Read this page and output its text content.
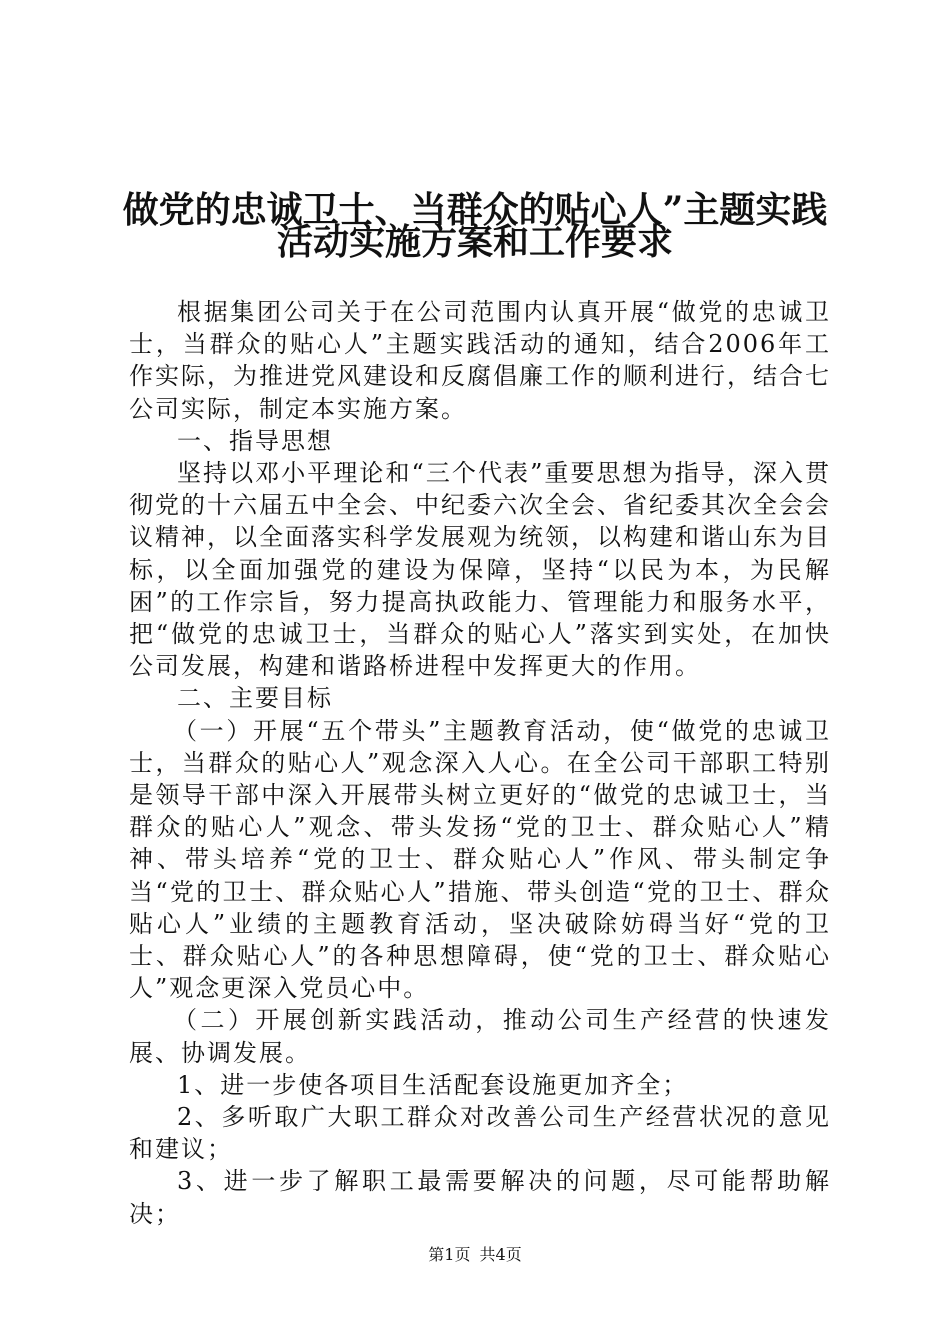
做党的忠诚卫士、当群众的贴心人”主题实践
活动实施方案和工作要求

根据集团公司关于在公司范围内认真开展“做党的忠诚卫士，当群众的贴心人”主题实践活动的通知，结合2006年工作实际，为推进党风建设和反腐倡廉工作的顺利进行，结合七公司实际，制定本实施方案。

一、指导思想

坚持以邓小平理论和“三个代表”重要思想为指导，深入贯彻党的十六届五中全会、中纪委六次全会、省纪委其次全会会议精神，以全面落实科学发展观为统领，以构建和谐山东为目标，以全面加强党的建设为保障，坚持“以民为本，为民解困”的工作宗旨，努力提高执政能力、管理能力和服务水平，把“做党的忠诚卫士，当群众的贴心人”落实到实处，在加快公司发展，构建和谐路桥进程中发挥更大的作用。

二、主要目标

（一）开展“五个带头”主题教育活动，使“做党的忠诚卫士，当群众的贴心人”观念深入人心。在全公司干部职工特别是领导干部中深入开展带头树立更好的“做党的忠诚卫士，当群众的贴心人”观念、带头发扬“党的卫士、群众贴心人”精神、带头培养“党的卫士、群众贴心人”作风、带头制定争当“党的卫士、群众贴心人”措施、带头创造“党的卫士、群众贴心人”业绩的主题教育活动，坚决破除妨碍当好“党的卫士、群众贴心人”的各种思想障碍，使“党的卫士、群众贴心人”观念更深入党员心中。

（二）开展创新实践活动，推动公司生产经营的快速发展、协调发展。

1、进一步使各项目生活配套设施更加齐全；

2、多听取广大职工群众对改善公司生产经营状况的意见和建议；

3、进一步了解职工最需要解决的问题，尽可能帮助解决；

第1页 共4页
